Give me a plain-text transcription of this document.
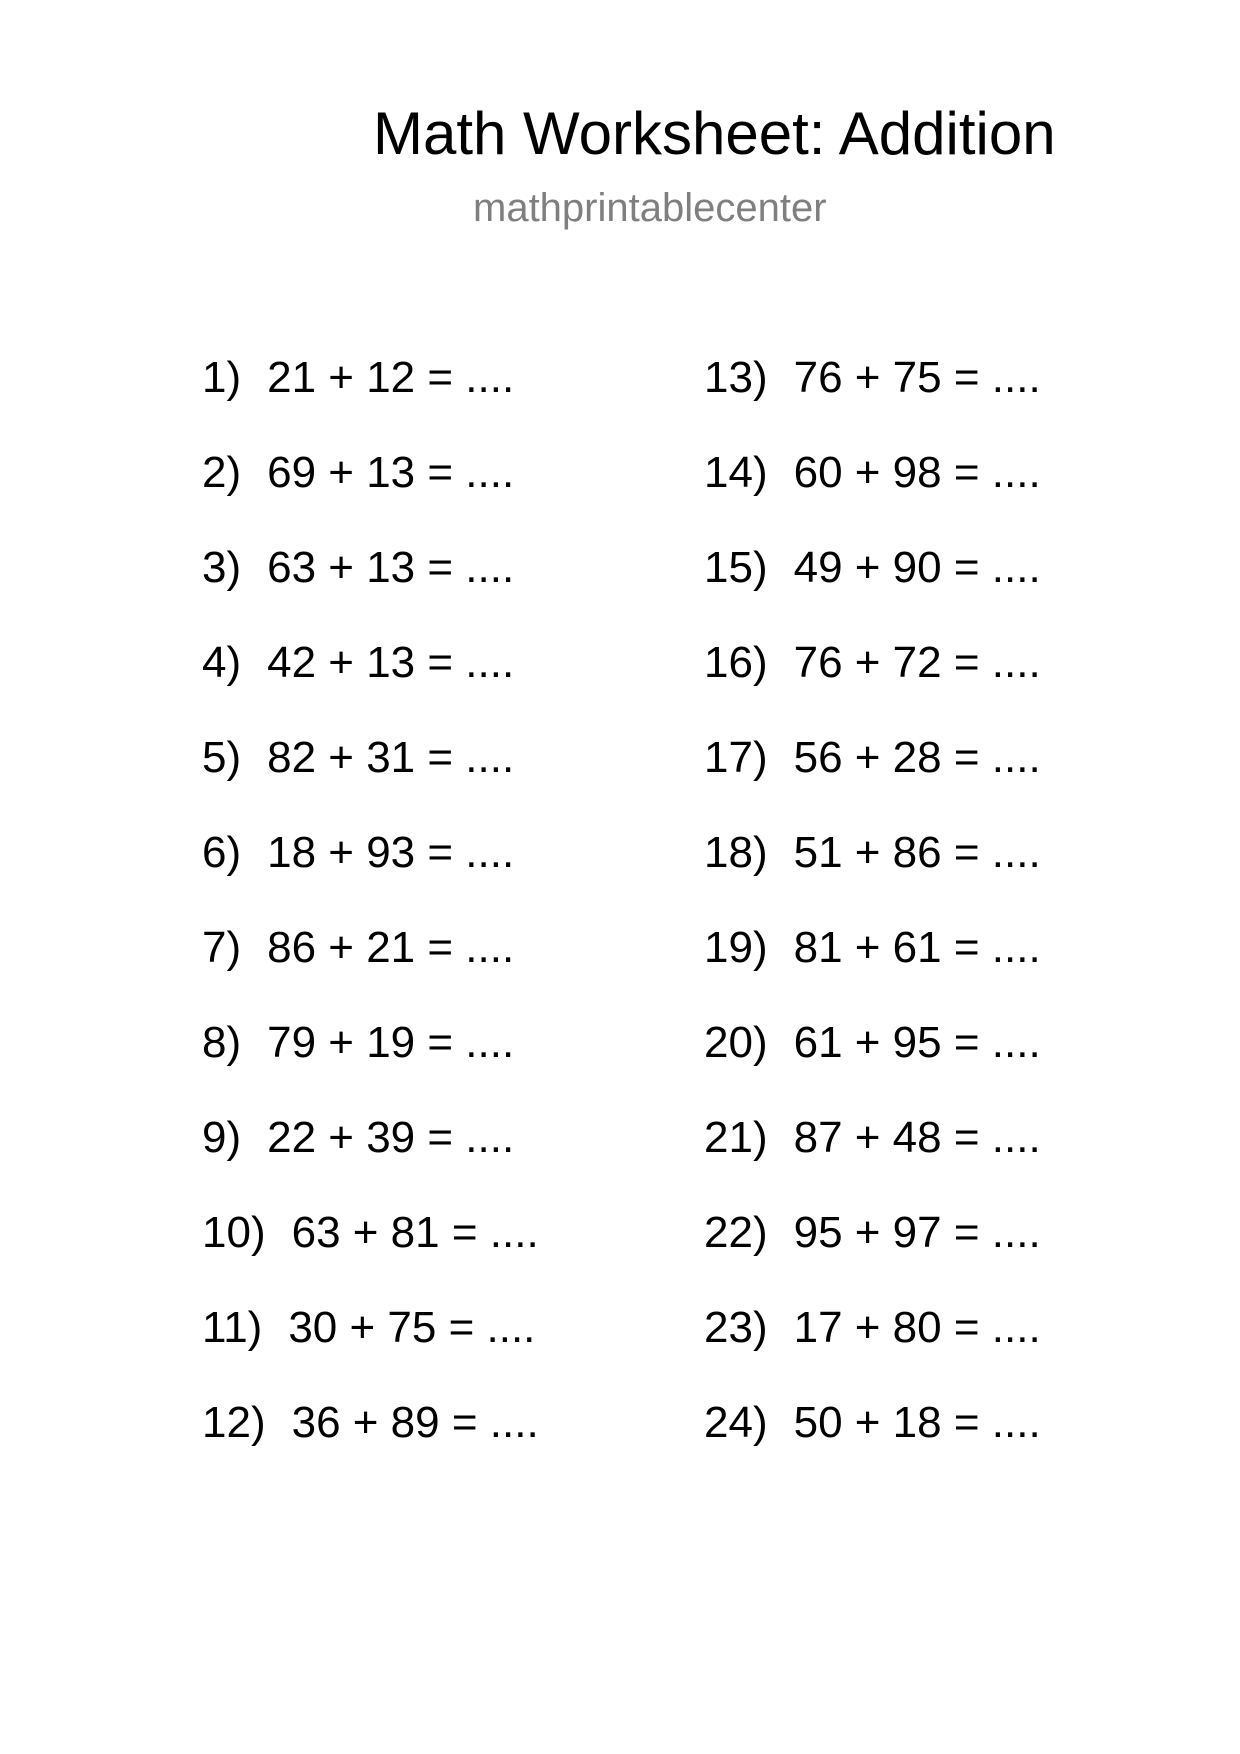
Math Worksheet: Addition
mathprintablecenter
1) 21 + 12 = ....
2) 69 + 13 = ....
3) 63 + 13 = ....
4) 42 + 13 = ....
5) 82 + 31 = ....
6) 18 + 93 = ....
7) 86 + 21 = ....
8) 79 + 19 = ....
9) 22 + 39 = ....
10) 63 + 81 = ....
11) 30 + 75 = ....
12) 36 + 89 = ....
13) 76 + 75 = ....
14) 60 + 98 = ....
15) 49 + 90 = ....
16) 76 + 72 = ....
17) 56 + 28 = ....
18) 51 + 86 = ....
19) 81 + 61 = ....
20) 61 + 95 = ....
21) 87 + 48 = ....
22) 95 + 97 = ....
23) 17 + 80 = ....
24) 50 + 18 = ....
